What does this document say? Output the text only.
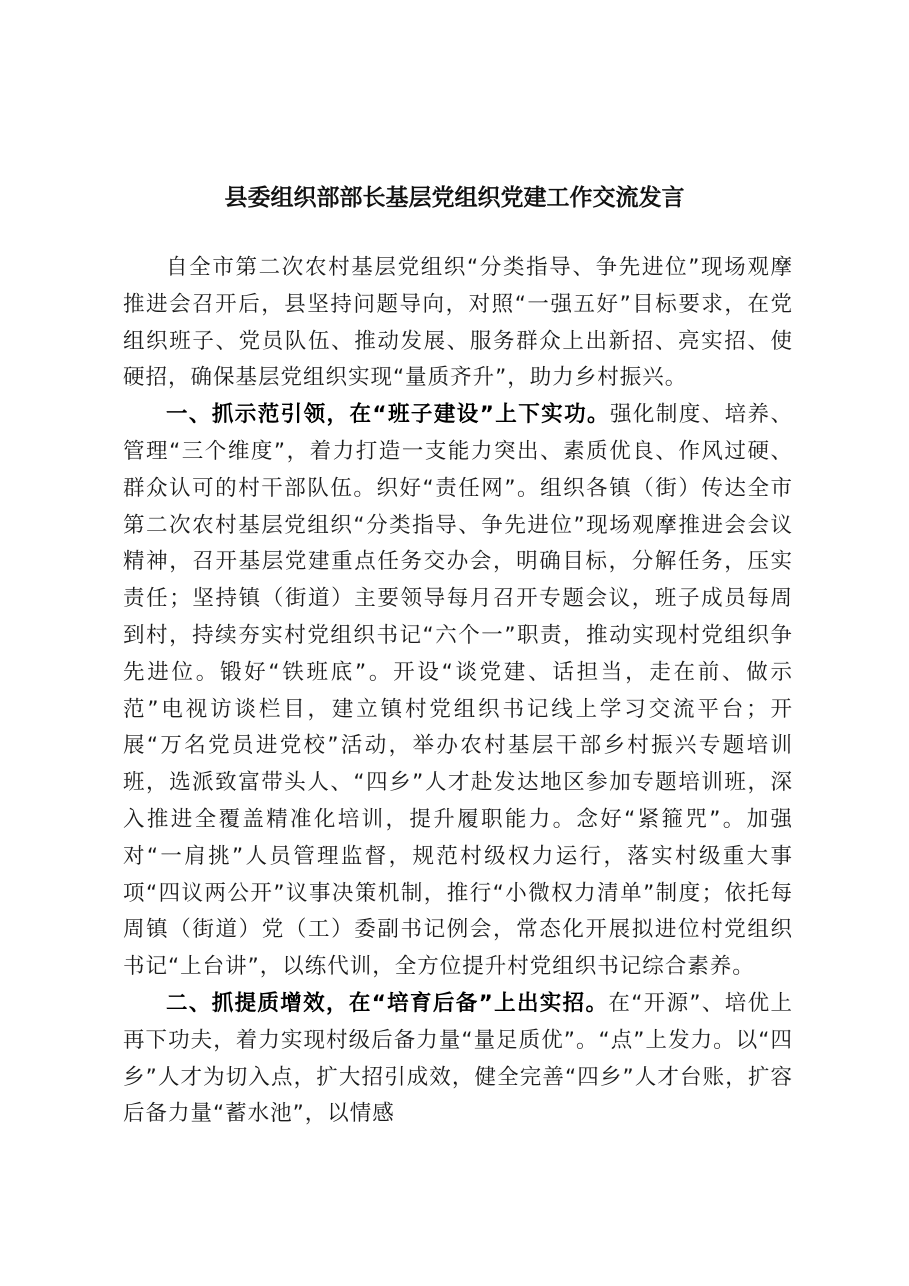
县委组织部部长基层党组织党建工作交流发言

自全市第二次农村基层党组织“分类指导、争先进位”现场观摩推进会召开后，县坚持问题导向，对照“一强五好”目标要求，在党组织班子、党员队伍、推动发展、服务群众上出新招、亮实招、使硬招，确保基层党组织实现“量质齐升”，助力乡村振兴。

一、抓示范引领，在“班子建设”上下实功。强化制度、培养、管理“三个维度”，着力打造一支能力突出、素质优良、作风过硬、群众认可的村干部队伍。织好“责任网”。组织各镇（街）传达全市第二次农村基层党组织“分类指导、争先进位”现场观摩推进会会议精神，召开基层党建重点任务交办会，明确目标，分解任务，压实责任；坚持镇（街道）主要领导每月召开专题会议，班子成员每周到村，持续夯实村党组织书记“六个一”职责，推动实现村党组织争先进位。锻好“铁班底”。开设“谈党建、话担当，走在前、做示范”电视访谈栏目，建立镇村党组织书记线上学习交流平台；开展“万名党员进党校”活动，举办农村基层干部乡村振兴专题培训班，选派致富带头人、“四乡”人才赴发达地区参加专题培训班，深入推进全覆盖精准化培训，提升履职能力。念好“紧箍咒”。加强对“一肩挑”人员管理监督，规范村级权力运行，落实村级重大事项“四议两公开”议事决策机制，推行“小微权力清单”制度；依托每周镇（街道）党（工）委副书记例会，常态化开展拟进位村党组织书记“上台讲”，以练代训，全方位提升村党组织书记综合素养。

二、抓提质增效，在“培育后备”上出实招。在“开源”、培优上再下功夫，着力实现村级后备力量“量足质优”。“点”上发力。以“四乡”人才为切入点，扩大招引成效，健全完善“四乡”人才台账，扩容后备力量“蓄水池”，以情感
